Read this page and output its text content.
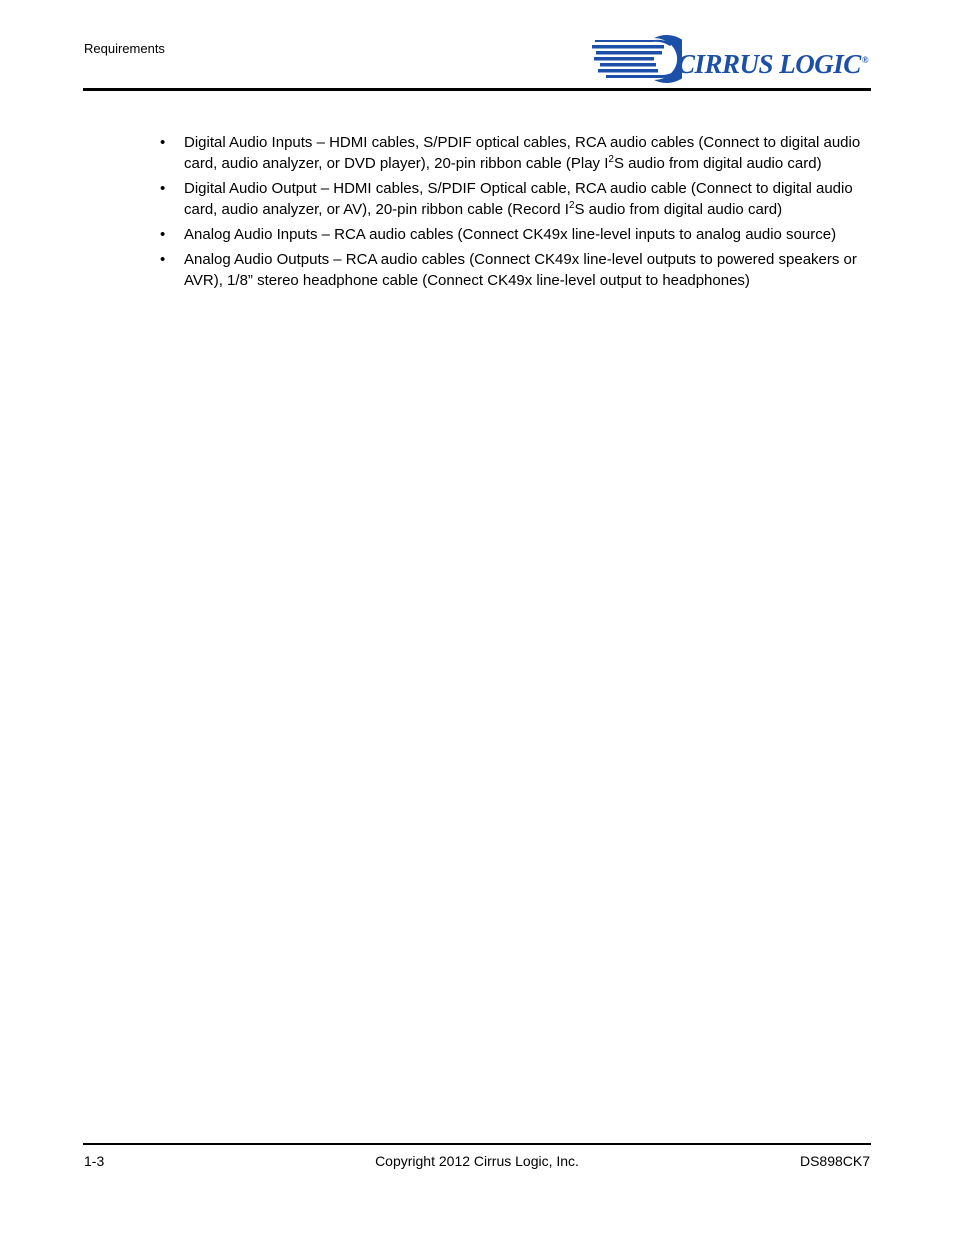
Requirements
CIRRUS LOGIC®
• Digital Audio Inputs – HDMI cables, S/PDIF optical cables, RCA audio cables (Connect to digital audio card, audio analyzer, or DVD player), 20-pin ribbon cable (Play $I^2S$ audio from digital audio card)
• Digital Audio Output – HDMI cables, S/PDIF Optical cable, RCA audio cable (Connect to digital audio card, audio analyzer, or AV), 20-pin ribbon cable (Record $I^2S$ audio from digital audio card)
• Analog Audio Inputs – RCA audio cables (Connect CK49x line-level inputs to analog audio source)
• Analog Audio Outputs – RCA audio cables (Connect CK49x line-level outputs to powered speakers or AVR), 1/8” stereo headphone cable (Connect CK49x line-level output to headphones)
1-3	Copyright 2012 Cirrus Logic, Inc.	DS898CK7
